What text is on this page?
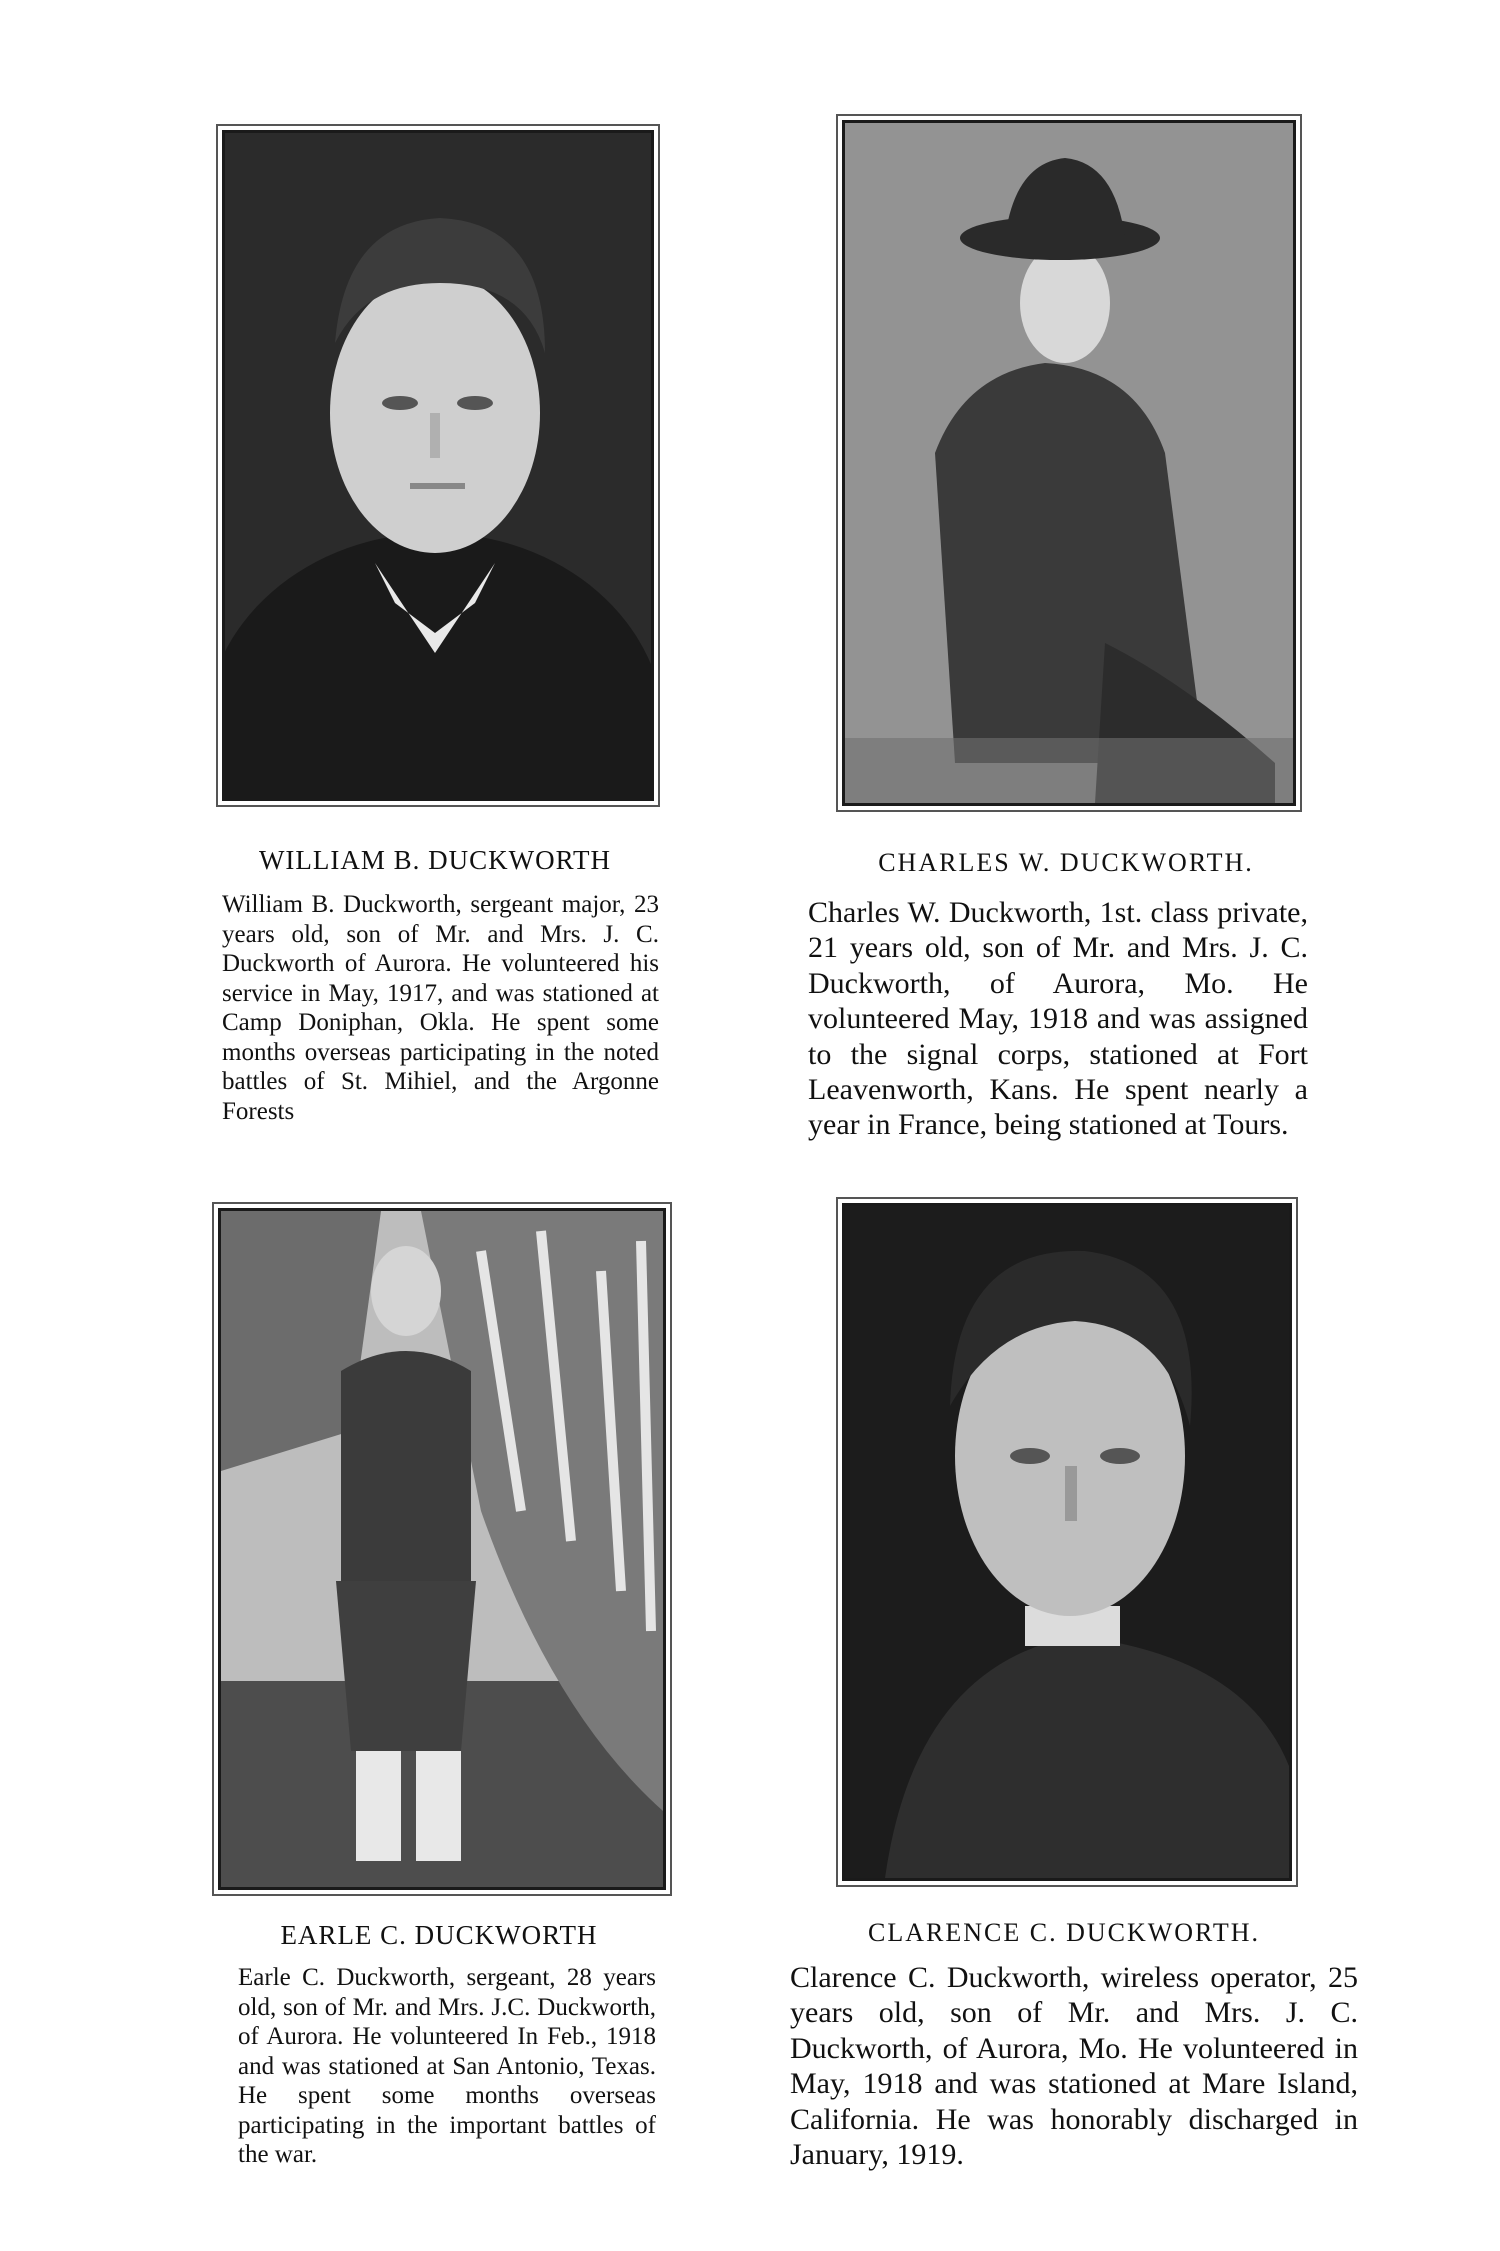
WILLIAM B. DUCKWORTH
William B. Duckworth, sergeant major, 23 years old, son of Mr. and Mrs. J. C. Duckworth of Aurora. He volunteered his service in May, 1917, and was stationed at Camp Doniphan, Okla. He spent some months overseas participating in the noted battles of St. Mihiel, and the Argonne Forests
CHARLES W. DUCKWORTH.
Charles W. Duckworth, 1st. class private, 21 years old, son of Mr. and Mrs. J. C. Duckworth, of Aurora, Mo. He volunteered May, 1918 and was assigned to the signal corps, stationed at Fort Leavenworth, Kans. He spent nearly a year in France, being stationed at Tours.
EARLE C. DUCKWORTH
Earle C. Duckworth, sergeant, 28 years old, son of Mr. and Mrs. J.C. Duckworth, of Aurora. He volunteered In Feb., 1918 and was stationed at San Antonio, Texas. He spent some months overseas participating in the important battles of the war.
CLARENCE C. DUCKWORTH.
Clarence C. Duckworth, wireless operator, 25 years old, son of Mr. and Mrs. J. C. Duckworth, of Aurora, Mo. He volunteered in May, 1918 and was stationed at Mare Island, California. He was honorably discharged in January, 1919.
